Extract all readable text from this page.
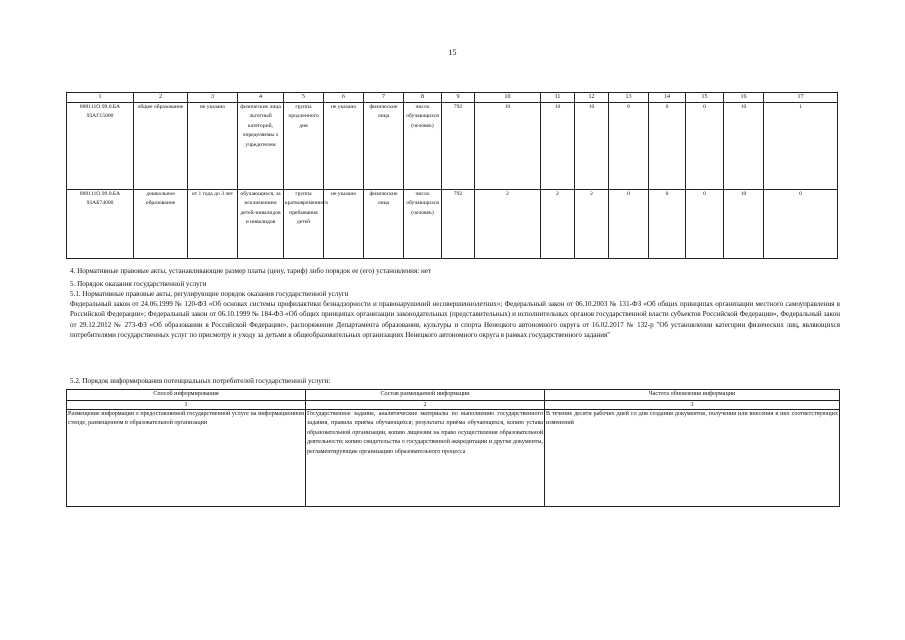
15
1	2	3	4	5	6	7	8	9	10	11	12	13	14	15	16	17
889111О.99.0.БА 93АГ15000	общее образование	не указано	физические лица льготный категорий, определяемы х учредителем	группа продленного дня	не указано	физические лица	число обучающихся (человек)	792	10	10	10	0	0	0	10	1
889111О.99.0.БА 93АБ74000	дошкольное образование	от 1 года до 3 лет	обучающиеся, за исключением детей-инвалидов и инвалидов	группа кратковременного пребывания детей	не указано	физические лица	число обучающихся (человек)	792	2	2	2	0	0	0	10	0
4. Нормативные правовые акты, устанавливающие размер платы (цену, тариф) либо порядок ее (его) установления: нет
5. Порядок оказания государственной услуги
5.1. Нормативные правовые акты, регулирующие порядок оказания государственной услуги
Федеральный закон от 24.06.1999 № 120-ФЗ «Об основах системы профилактики безнадзорности и правонарушений несовершеннолетних»; Федеральный закон от 06.10.2003 № 131-ФЗ «Об общих принципах организации местного самоуправления в Российской Федерации»; Федеральный закон от 06.10.1999 № 184-ФЗ «Об общих принципах организации законодательных (представительных) и исполнительных органов государственной власти субъектов Российской Федерации», Федеральный закон от 29.12.2012 № 273-ФЗ «Об образовании в Российской Федерации», распоряжение Департамента образования, культуры и спорта Ненецкого автономного округа от 16.02.2017 № 132-р "Об установлении категории физических лиц, являющихся потребителями государственных услуг по присмотру и уходу за детьми в общеобразовательных организациях Ненецкого автономного округа в рамках государственного задания"
5.2. Порядок информирования потенциальных потребителей государственной услуги:
Способ информирования	Состав размещаемой информации	Частота обновления информации
1	2	3
Размещение информации о предоставляемой государственной услуге на информационном стенде, размещенном в образовательной организации	Государственное задание, аналитические материалы по выполнению государственного задания, правила приёма обучающихся; результаты приёма обучающихся, копию устава образовательной организации, копию лицензии на право осуществления образовательной деятельности; копию свидетельства о государственной аккредитации и другие документы, регламентирующие организацию образовательного процесса	В течение десяти рабочих дней со дня создания документов, получения или внесения в них соответствующих изменений
